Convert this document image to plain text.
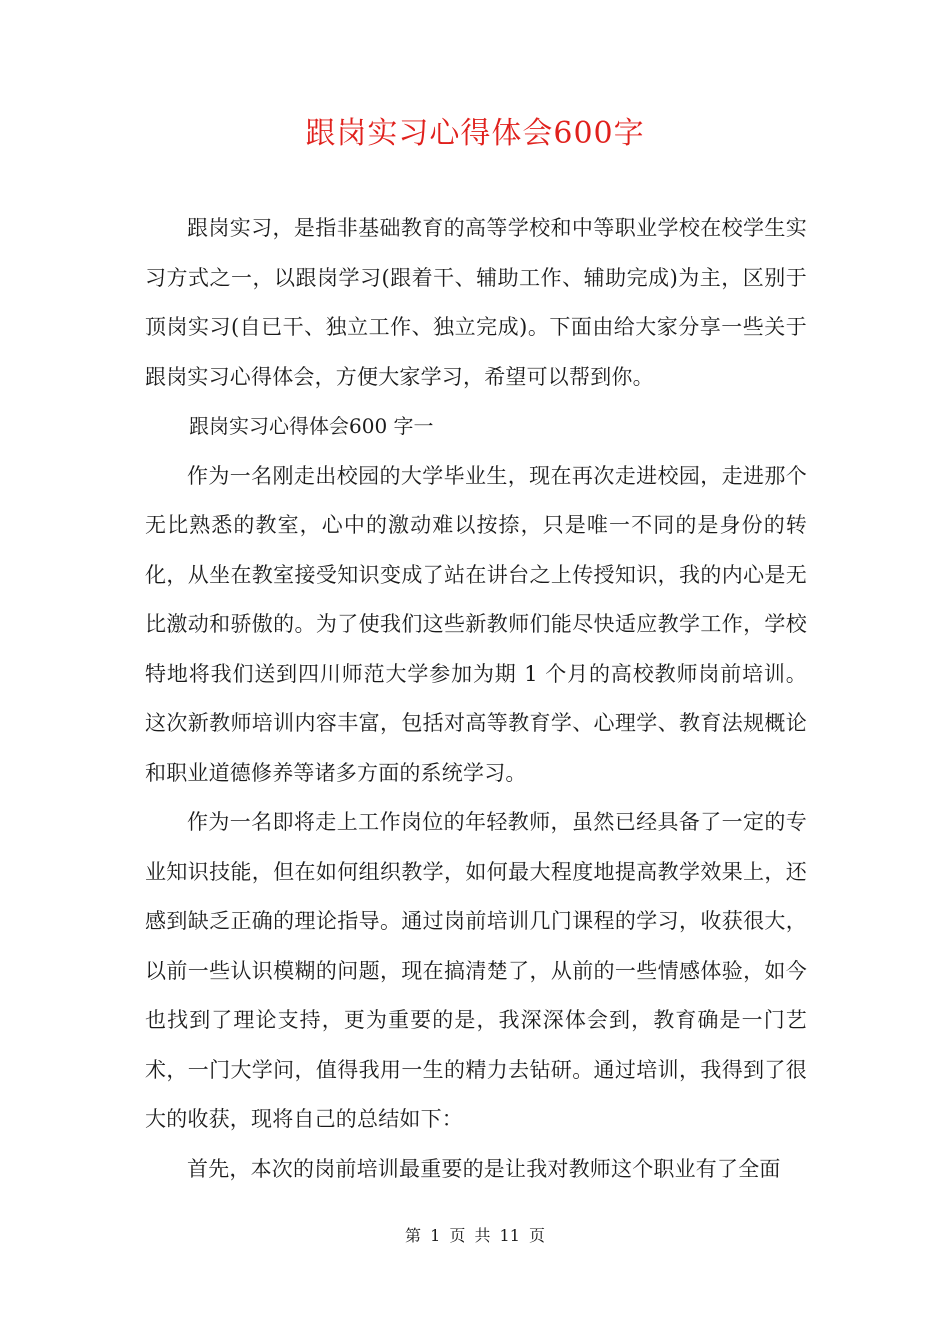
跟岗实习心得体会600字

跟岗实习，是指非基础教育的高等学校和中等职业学校在校学生实习方式之一，以跟岗学习(跟着干、辅助工作、辅助完成)为主，区别于顶岗实习(自已干、独立工作、独立完成)。下面由给大家分享一些关于跟岗实习心得体会，方便大家学习，希望可以帮到你。

跟岗实习心得体会600 字一

作为一名刚走出校园的大学毕业生，现在再次走进校园，走进那个无比熟悉的教室，心中的激动难以按捺，只是唯一不同的是身份的转化，从坐在教室接受知识变成了站在讲台之上传授知识，我的内心是无比激动和骄傲的。为了使我们这些新教师们能尽快适应教学工作，学校特地将我们送到四川师范大学参加为期 1 个月的高校教师岗前培训。这次新教师培训内容丰富，包括对高等教育学、心理学、教育法规概论和职业道德修养等诸多方面的系统学习。

作为一名即将走上工作岗位的年轻教师，虽然已经具备了一定的专业知识技能，但在如何组织教学，如何最大程度地提高教学效果上，还感到缺乏正确的理论指导。通过岗前培训几门课程的学习，收获很大，以前一些认识模糊的问题，现在搞清楚了，从前的一些情感体验，如今也找到了理论支持，更为重要的是，我深深体会到，教育确是一门艺术，一门大学问，值得我用一生的精力去钻研。通过培训，我得到了很大的收获，现将自己的总结如下：

首先，本次的岗前培训最重要的是让我对教师这个职业有了全面

第 1 页 共 11 页
